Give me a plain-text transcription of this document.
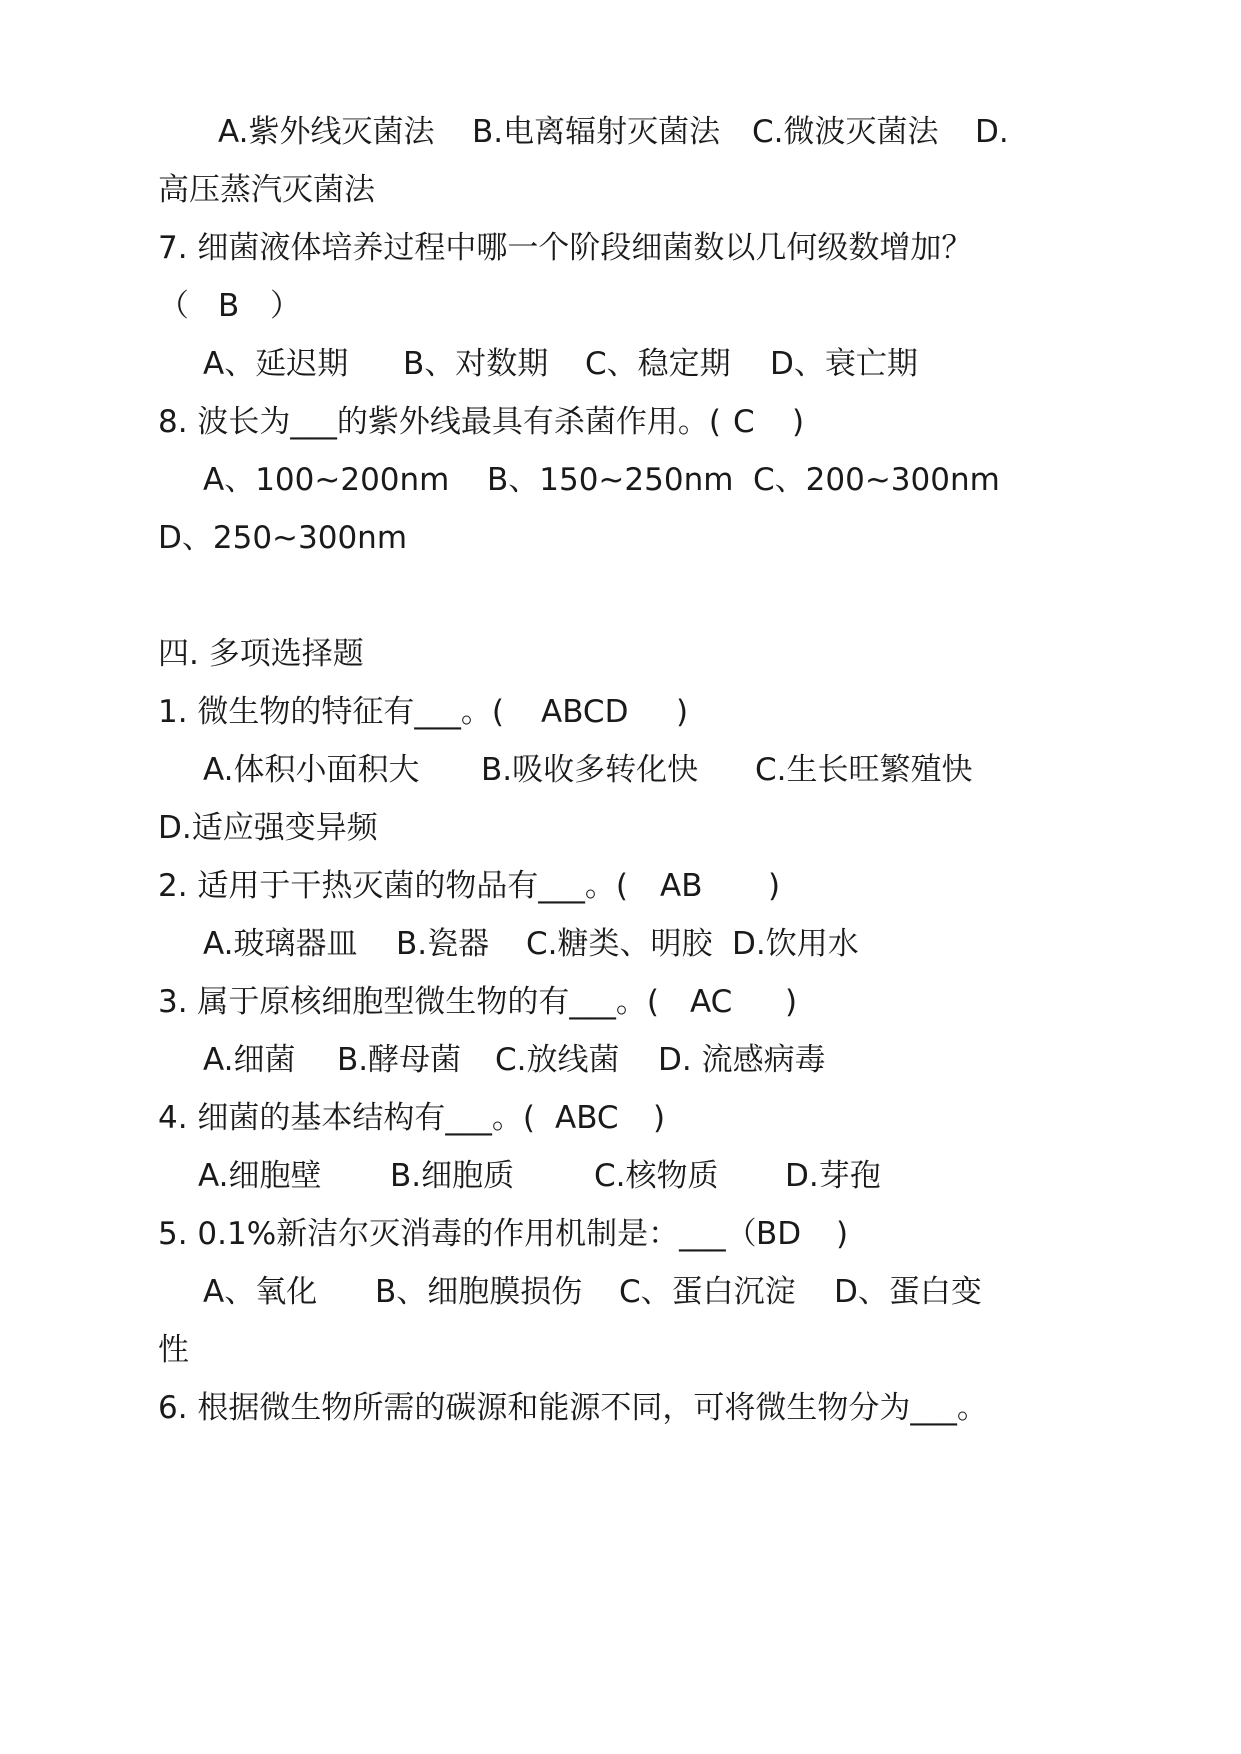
A.紫外线灭菌法 B.电离辐射灭菌法 C.微波灭菌法 D.
高压蒸汽灭菌法
7. 细菌液体培养过程中哪一个阶段细菌数以几何级数增加？
（ B ）
A、延迟期 B、对数期 C、稳定期 D、衰亡期
8. 波长为___的紫外线最具有杀菌作用。( C )
A、100~200nm B、150~250nm C、200~300nm
D、250~300nm
四. 多项选择题
1. 微生物的特征有___。( ABCD )
A.体积小面积大 B.吸收多转化快 C.生长旺繁殖快
D.适应强变异频
2. 适用于干热灭菌的物品有___。( AB )
A.玻璃器皿 B.瓷器 C.糖类、明胶 D.饮用水
3. 属于原核细胞型微生物的有___。( AC )
A.细菌 B.酵母菌 C.放线菌 D. 流感病毒
4. 细菌的基本结构有___。( ABC )
A.细胞壁 B.细胞质	C.核物质 D.芽孢
5. 0.1%新洁尔灭消毒的作用机制是：___（ BD )
A、氧化 B、细胞膜损伤 C、蛋白沉淀 D、蛋白变
性
6. 根据微生物所需的碳源和能源不同，可将微生物分为___。
